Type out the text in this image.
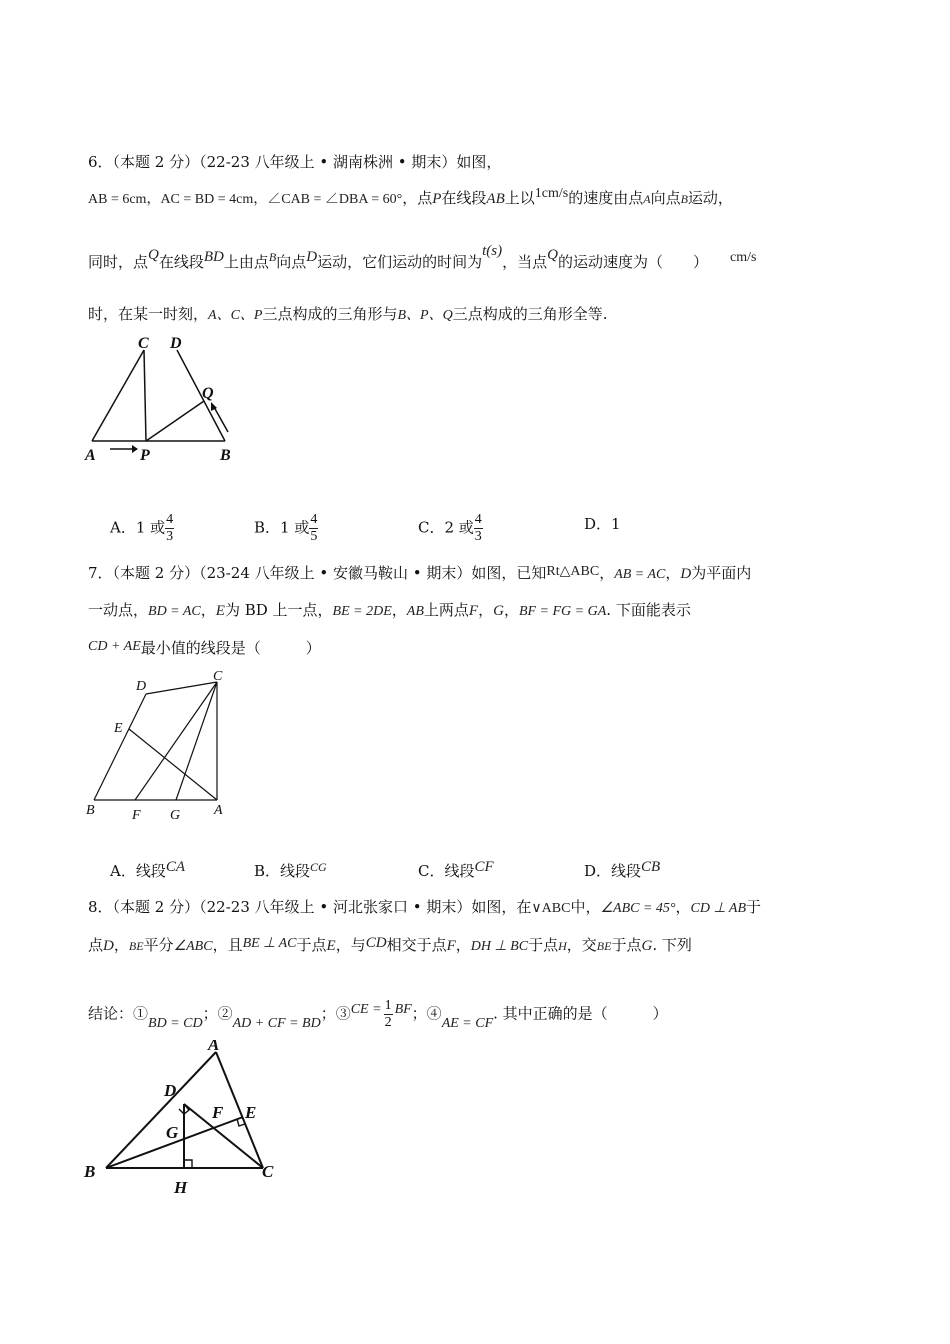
6．（本题 2 分）（22-23 八年级上 • 湖南株洲 • 期末）如图，
AB = 6cm，AC = BD = 4cm，∠CAB = ∠DBA = 60°，点P在线段AB上以1cm/s的速度由点A向点B运动，
同时，点Q在线段BD上由点$^B$向点D运动，它们运动的时间为t(s)，当点Q的运动速度为（　　） cm/s
时，在某一时刻，A、C、P三点构成的三角形与B、P、Q三点构成的三角形全等.
C D
Q
A	P	B
A．1 或 $\frac{4}{3}$	B．1 或 $\frac{4}{5}$	C．2 或 $\frac{4}{3}$	D．1
7．（本题 2 分）（23-24 八年级上 • 安徽马鞍山 • 期末）如图，已知Rt△ABC，AB = AC，D为平面内
一动点，BD = AC，E为 BD 上一点，BE = 2DE，AB上两点F，G，BF = FG = GA. 下面能表示
CD + AE最小值的线段是（　　　）
D
C
E
B	F G A
A．线段CA	B．线段$^{CG}$	C．线段CF	D．线段CB
8．（本题 2 分）（22-23 八年级上 • 河北张家口 • 期末）如图，在∨ABC中，∠ABC = 45°，CD ⊥ AB于
点D，BE平分∠ABC，且BE ⊥ AC于点E，与CD相交于点F，DH ⊥ BC于点H，交BE于点G. 下列
结论：①BD = CD；②AD + CF = BD；③CE = $\frac{1}{2}$ BF；④AE = CF. 其中正确的是（　　　）
A
D
F E
G
B	C
H
